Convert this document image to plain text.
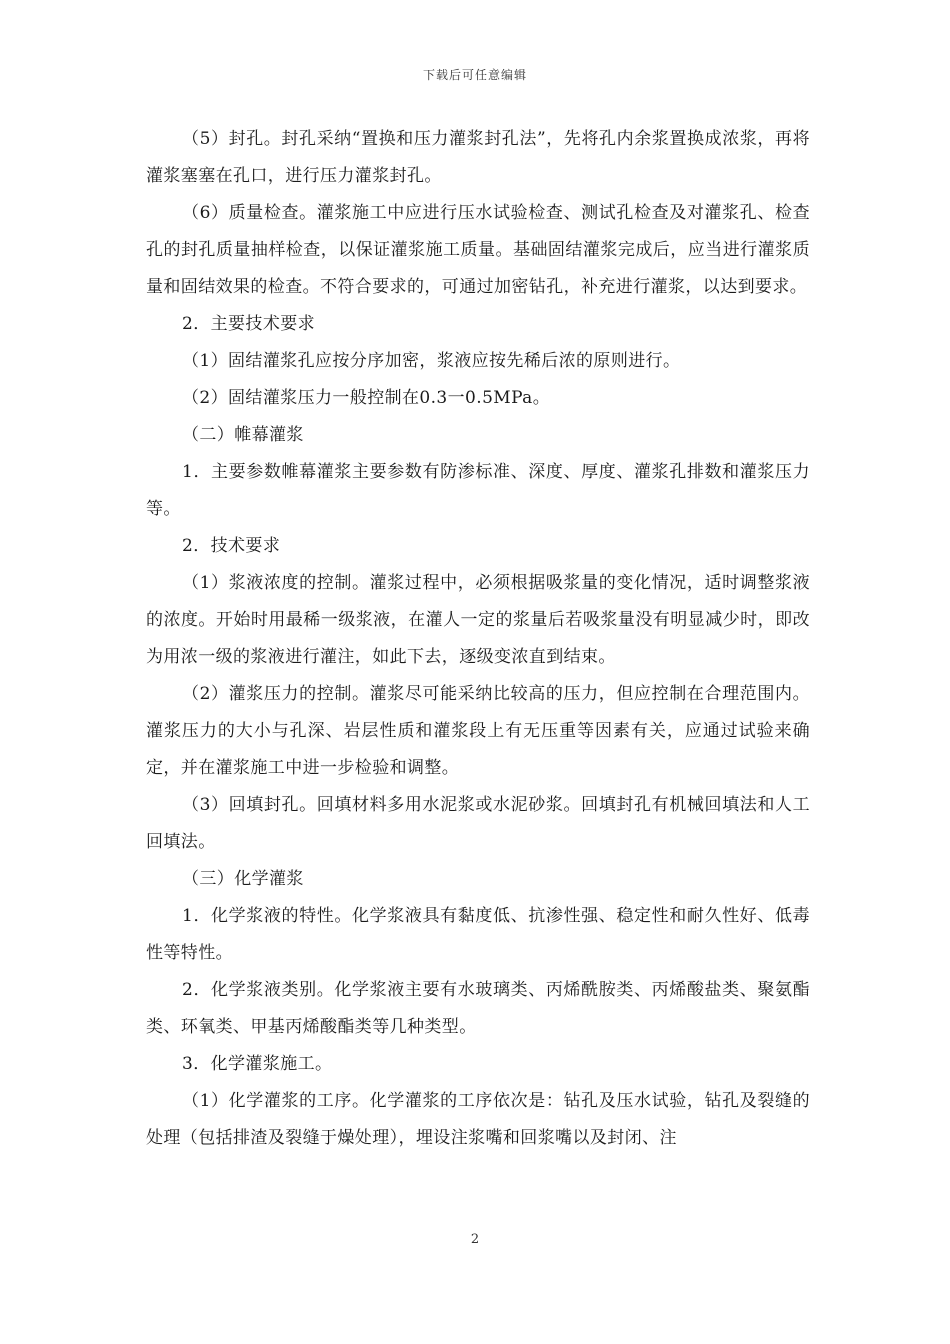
下载后可任意编辑

（5）封孔。封孔采纳“置换和压力灌浆封孔法”，先将孔内余浆置换成浓浆，再将灌浆塞塞在孔口，进行压力灌浆封孔。

（6）质量检查。灌浆施工中应进行压水试验检查、测试孔检查及对灌浆孔、检查孔的封孔质量抽样检查，以保证灌浆施工质量。基础固结灌浆完成后，应当进行灌浆质量和固结效果的检查。不符合要求的，可通过加密钻孔，补充进行灌浆，以达到要求。

2．主要技术要求

（1）固结灌浆孔应按分序加密，浆液应按先稀后浓的原则进行。

（2）固结灌浆压力一般控制在0.3一0.5MPa。

（二）帷幕灌浆

1．主要参数帷幕灌浆主要参数有防渗标准、深度、厚度、灌浆孔排数和灌浆压力等。

2．技术要求

（1）浆液浓度的控制。灌浆过程中，必须根据吸浆量的变化情况，适时调整浆液的浓度。开始时用最稀一级浆液，在灌人一定的浆量后若吸浆量没有明显减少时，即改为用浓一级的浆液进行灌注，如此下去，逐级变浓直到结束。

（2）灌浆压力的控制。灌浆尽可能采纳比较高的压力，但应控制在合理范围内。灌浆压力的大小与孔深、岩层性质和灌浆段上有无压重等因素有关，应通过试验来确定，并在灌浆施工中进一步检验和调整。

（3）回填封孔。回填材料多用水泥浆或水泥砂浆。回填封孔有机械回填法和人工回填法。

（三）化学灌浆

1．化学浆液的特性。化学浆液具有黏度低、抗渗性强、稳定性和耐久性好、低毒性等特性。

2．化学浆液类别。化学浆液主要有水玻璃类、丙烯酰胺类、丙烯酸盐类、聚氨酯类、环氧类、甲基丙烯酸酯类等几种类型。

3．化学灌浆施工。

（1）化学灌浆的工序。化学灌浆的工序依次是：钻孔及压水试验，钻孔及裂缝的处理（包括排渣及裂缝于燥处理），埋设注浆嘴和回浆嘴以及封闭、注

2
